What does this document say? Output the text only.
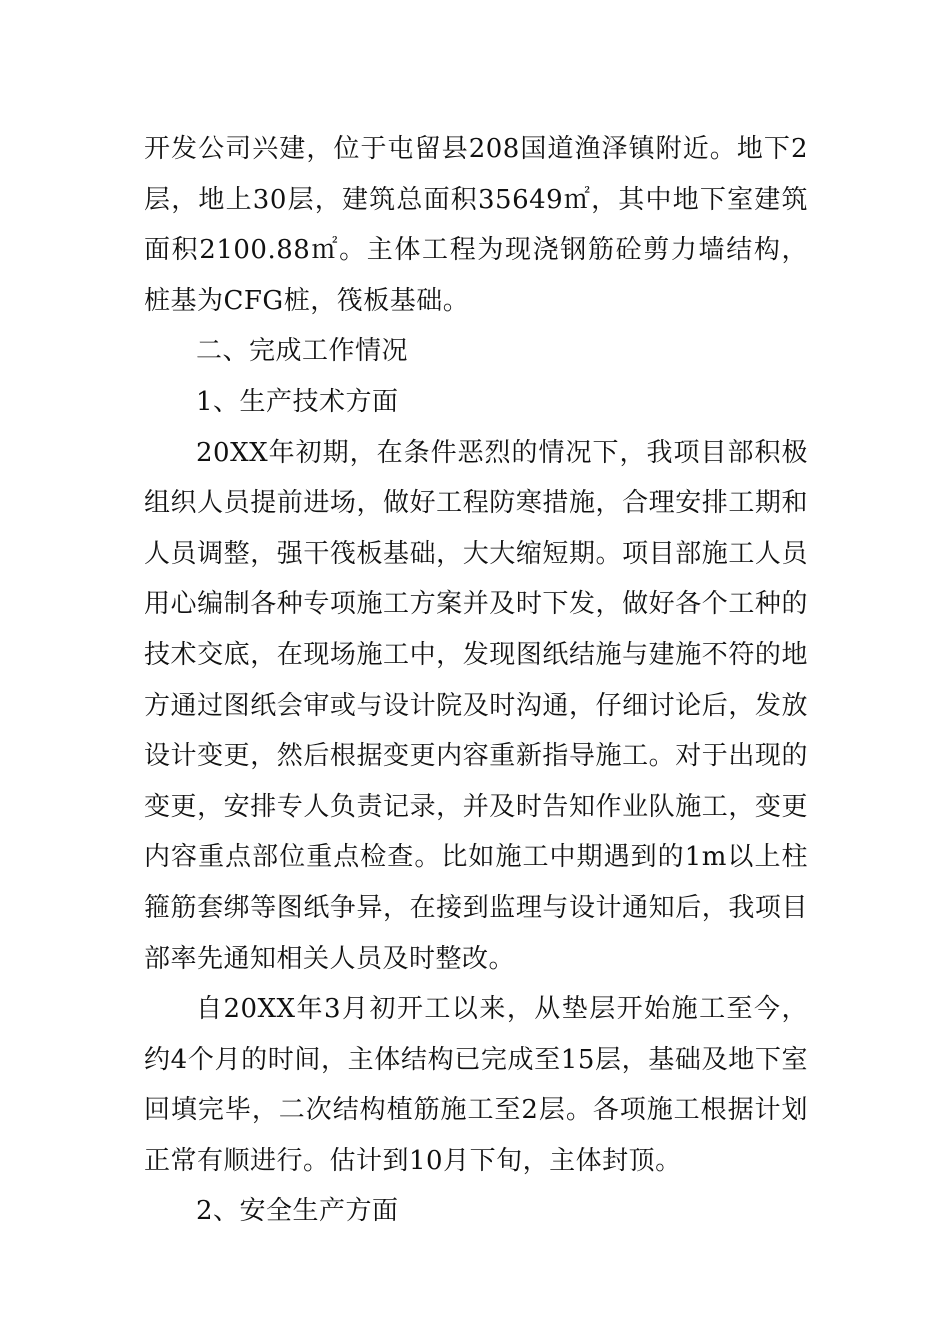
开发公司兴建，位于屯留县208国道渔泽镇附近。地下2层，地上30层，建筑总面积35649㎡，其中地下室建筑面积2100.88㎡。主体工程为现浇钢筋砼剪力墙结构，桩基为CFG桩，筏板基础。

二、完成工作情况

1、生产技术方面

20XX年初期，在条件恶烈的情况下，我项目部积极组织人员提前进场，做好工程防寒措施，合理安排工期和人员调整，强干筏板基础，大大缩短期。项目部施工人员用心编制各种专项施工方案并及时下发，做好各个工种的技术交底，在现场施工中，发现图纸结施与建施不符的地方通过图纸会审或与设计院及时沟通，仔细讨论后，发放设计变更，然后根据变更内容重新指导施工。对于出现的变更，安排专人负责记录，并及时告知作业队施工，变更内容重点部位重点检查。比如施工中期遇到的1m以上柱箍筋套绑等图纸争异，在接到监理与设计通知后，我项目部率先通知相关人员及时整改。

自20XX年3月初开工以来，从垫层开始施工至今，约4个月的时间，主体结构已完成至15层，基础及地下室回填完毕，二次结构植筋施工至2层。各项施工根据计划正常有顺进行。估计到10月下旬，主体封顶。

2、安全生产方面
